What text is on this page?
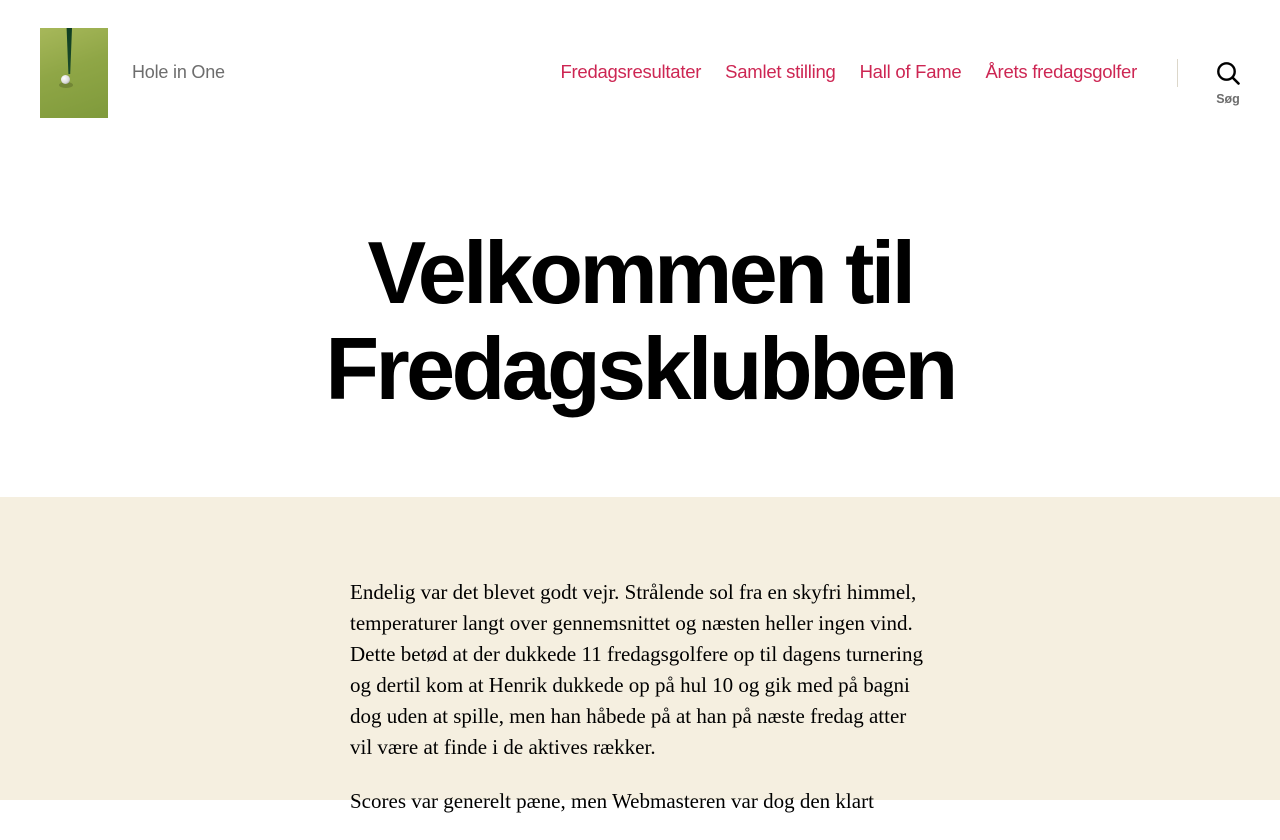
Hole in One	Fredagsresultater Samlet stilling Hall of Fame Årets fredagsgolfer
Søg
Velkommen til
Fredagsklubben

Endelig var det blevet godt vejr. Strålende sol fra en skyfri himmel, temperaturer langt over gennemsnittet og næsten heller ingen vind. Dette betød at der dukkede 11 fredagsgolfere op til dagens turnering og dertil kom at Henrik dukkede op på hul 10 og gik med på bagni dog uden at spille, men han håbede på at han på næste fredag atter vil være at finde i de aktives rækker.

Scores var generelt pæne, men Webmasteren var dog den klart
